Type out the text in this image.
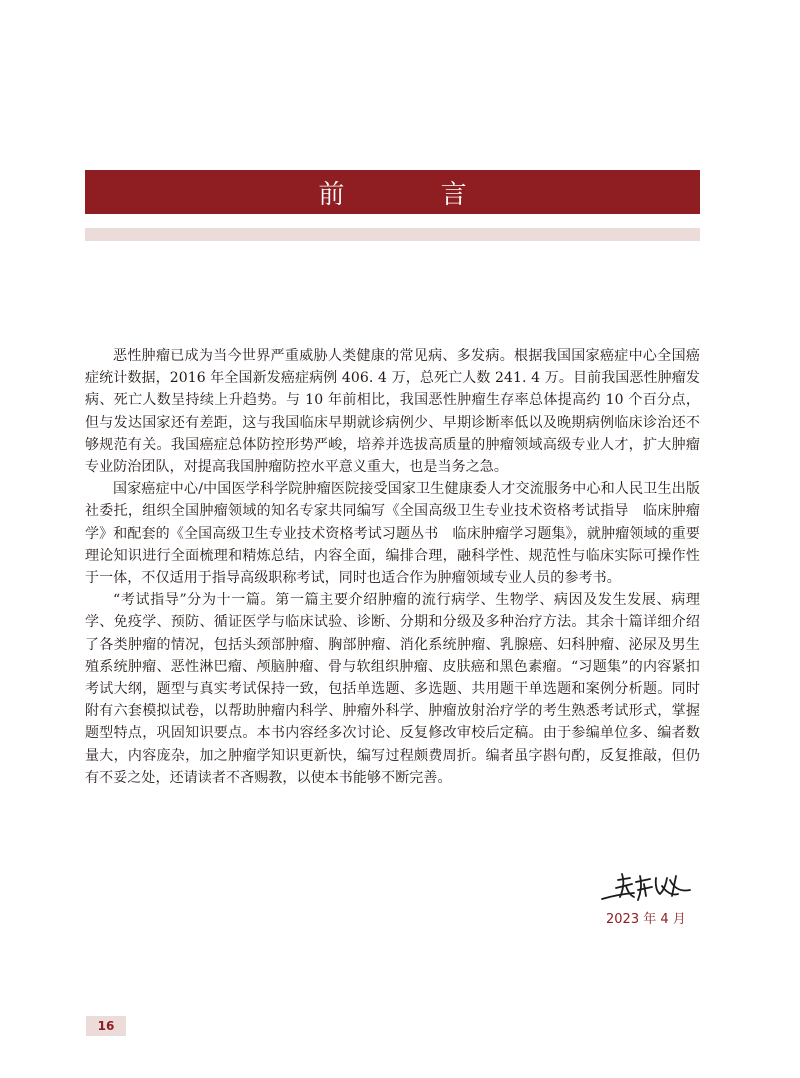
前 言

恶性肿瘤已成为当今世界严重威胁人类健康的常见病、多发病。根据我国国家癌症中心全国癌症统计数据，2016 年全国新发癌症病例 406. 4 万，总死亡人数 241. 4 万。目前我国恶性肿瘤发病、死亡人数呈持续上升趋势。与 10 年前相比，我国恶性肿瘤生存率总体提高约 10 个百分点，但与发达国家还有差距，这与我国临床早期就诊病例少、早期诊断率低以及晚期病例临床诊治还不够规范有关。我国癌症总体防控形势严峻，培养并选拔高质量的肿瘤领域高级专业人才，扩大肿瘤专业防治团队，对提高我国肿瘤防控水平意义重大，也是当务之急。

国家癌症中心/中国医学科学院肿瘤医院接受国家卫生健康委人才交流服务中心和人民卫生出版社委托，组织全国肿瘤领域的知名专家共同编写《全国高级卫生专业技术资格考试指导　临床肿瘤学》和配套的《全国高级卫生专业技术资格考试习题丛书　临床肿瘤学习题集》，就肿瘤领域的重要理论知识进行全面梳理和精炼总结，内容全面，编排合理，融科学性、规范性与临床实际可操作性于一体，不仅适用于指导高级职称考试，同时也适合作为肿瘤领域专业人员的参考书。

“考试指导”分为十一篇。第一篇主要介绍肿瘤的流行病学、生物学、病因及发生发展、病理学、免疫学、预防、循证医学与临床试验、诊断、分期和分级及多种治疗方法。其余十篇详细介绍了各类肿瘤的情况，包括头颈部肿瘤、胸部肿瘤、消化系统肿瘤、乳腺癌、妇科肿瘤、泌尿及男生殖系统肿瘤、恶性淋巴瘤、颅脑肿瘤、骨与软组织肿瘤、皮肤癌和黑色素瘤。“习题集”的内容紧扣考试大纲，题型与真实考试保持一致，包括单选题、多选题、共用题干单选题和案例分析题。同时附有六套模拟试卷，以帮助肿瘤内科学、肿瘤外科学、肿瘤放射治疗学的考生熟悉考试形式，掌握题型特点，巩固知识要点。本书内容经多次讨论、反复修改审校后定稿。由于参编单位多、编者数量大，内容庞杂，加之肿瘤学知识更新快，编写过程颇费周折。编者虽字斟句酌，反复推敲，但仍有不妥之处，还请读者不吝赐教，以使本书能够不断完善。

2023 年 4 月
16
